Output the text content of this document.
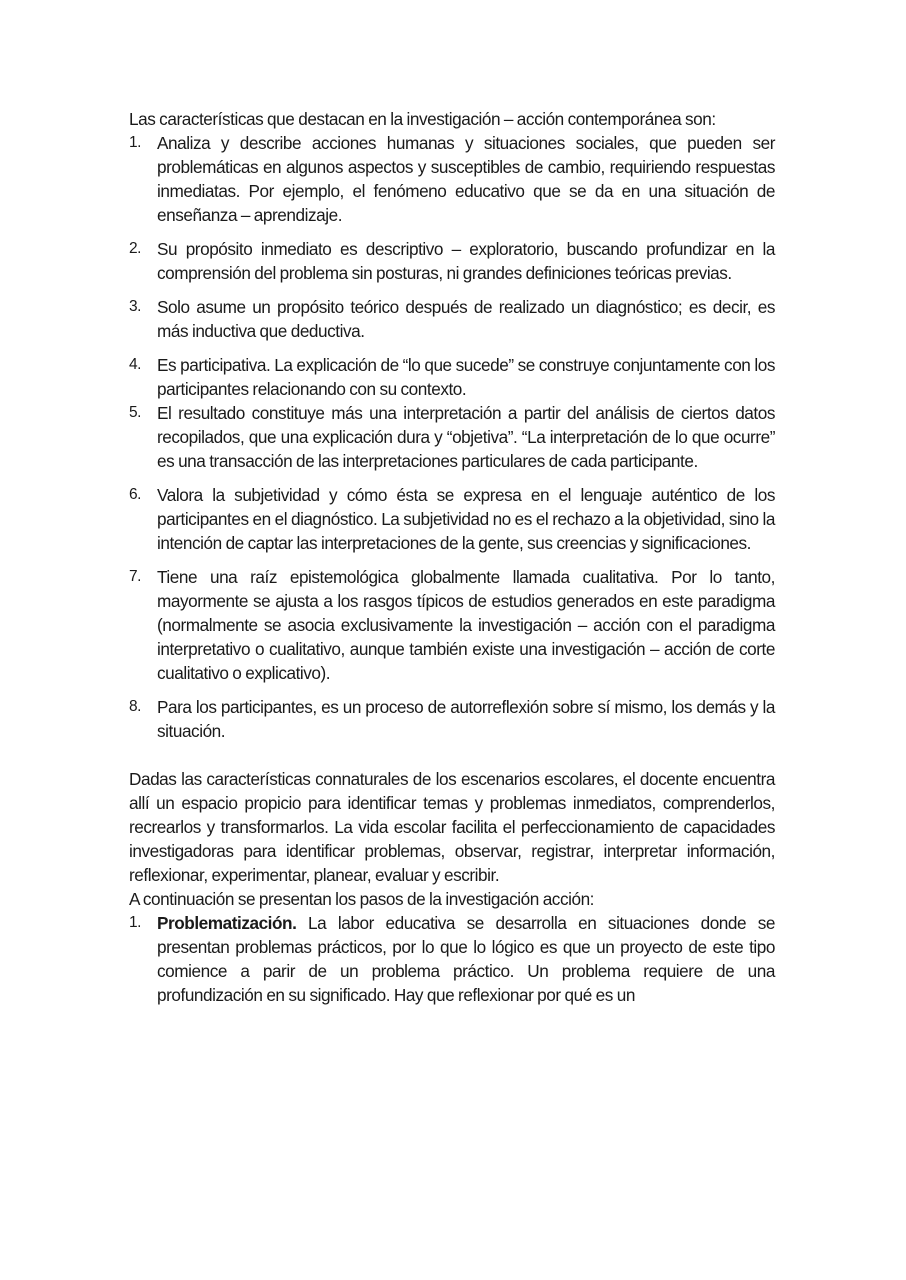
Las características que destacan en la investigación – acción contemporánea son:

1. Analiza y describe acciones humanas y situaciones sociales, que pueden ser problemáticas en algunos aspectos y susceptibles de cambio, requiriendo respuestas inmediatas. Por ejemplo, el fenómeno educativo que se da en una situación de enseñanza – aprendizaje.
2. Su propósito inmediato es descriptivo – exploratorio, buscando profundizar en la comprensión del problema sin posturas, ni grandes definiciones teóricas previas.
3. Solo asume un propósito teórico después de realizado un diagnóstico; es decir, es más inductiva que deductiva.
4. Es participativa. La explicación de “lo que sucede” se construye conjuntamente con los participantes relacionando con su contexto.
5. El resultado constituye más una interpretación a partir del análisis de ciertos datos recopilados, que una explicación dura y “objetiva”. “La interpretación de lo que ocurre” es una transacción de las interpretaciones particulares de cada participante.
6. Valora la subjetividad y cómo ésta se expresa en el lenguaje auténtico de los participantes en el diagnóstico. La subjetividad no es el rechazo a la objetividad, sino la intención de captar las interpretaciones de la gente, sus creencias y significaciones.
7. Tiene una raíz epistemológica globalmente llamada cualitativa. Por lo tanto, mayormente se ajusta a los rasgos típicos de estudios generados en este paradigma (normalmente se asocia exclusivamente la investigación – acción con el paradigma interpretativo o cualitativo, aunque también existe una investigación – acción de corte cualitativo o explicativo).
8. Para los participantes, es un proceso de autorreflexión sobre sí mismo, los demás y la situación.

Dadas las características connaturales de los escenarios escolares, el docente encuentra allí un espacio propicio para identificar temas y problemas inmediatos, comprenderlos, recrearlos y transformarlos. La vida escolar facilita el perfeccionamiento de capacidades investigadoras para identificar problemas, observar, registrar, interpretar información, reflexionar, experimentar, planear, evaluar y escribir.

A continuación se presentan los pasos de la investigación acción:

1. Problematización. La labor educativa se desarrolla en situaciones donde se presentan problemas prácticos, por lo que lo lógico es que un proyecto de este tipo comience a parir de un problema práctico. Un problema requiere de una profundización en su significado. Hay que reflexionar por qué es un
